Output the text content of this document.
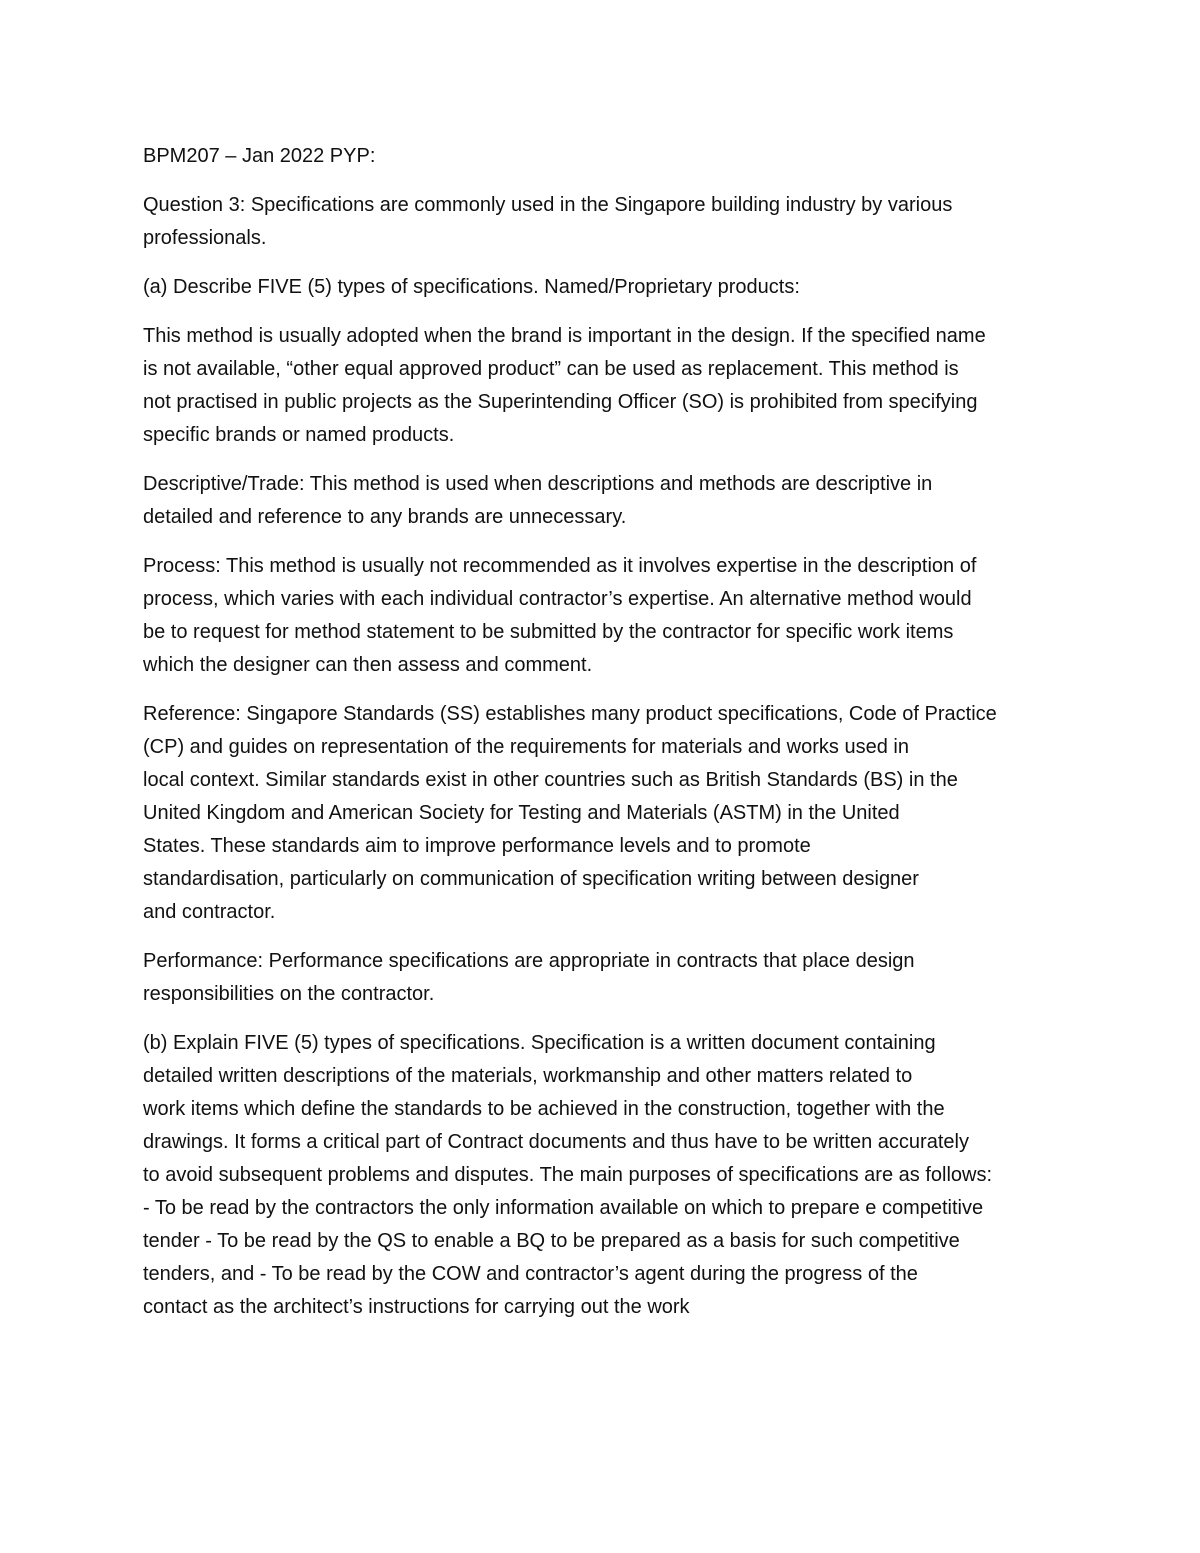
BPM207 – Jan 2022 PYP:

Question 3: Specifications are commonly used in the Singapore building industry by various
professionals.

(a) Describe FIVE (5) types of specifications. Named/Proprietary products:

This method is usually adopted when the brand is important in the design. If the specified name
is not available, “other equal approved product” can be used as replacement. This method is
not practised in public projects as the Superintending Officer (SO) is prohibited from specifying
specific brands or named products.

Descriptive/Trade: This method is used when descriptions and methods are descriptive in
detailed and reference to any brands are unnecessary.

Process: This method is usually not recommended as it involves expertise in the description of
process, which varies with each individual contractor’s expertise. An alternative method would
be to request for method statement to be submitted by the contractor for specific work items
which the designer can then assess and comment.

Reference: Singapore Standards (SS) establishes many product specifications, Code of Practice
(CP) and guides on representation of the requirements for materials and works used in
local context. Similar standards exist in other countries such as British Standards (BS) in the
United Kingdom and American Society for Testing and Materials (ASTM) in the United
States. These standards aim to improve performance levels and to promote
standardisation, particularly on communication of specification writing between designer
and contractor.

Performance: Performance specifications are appropriate in contracts that place design
responsibilities on the contractor.

(b) Explain FIVE (5) types of specifications. Specification is a written document containing
detailed written descriptions of the materials, workmanship and other matters related to
work items which define the standards to be achieved in the construction, together with the
drawings. It forms a critical part of Contract documents and thus have to be written accurately
to avoid subsequent problems and disputes. The main purposes of specifications are as follows:
- To be read by the contractors the only information available on which to prepare e competitive
tender - To be read by the QS to enable a BQ to be prepared as a basis for such competitive
tenders, and - To be read by the COW and contractor’s agent during the progress of the
contact as the architect’s instructions for carrying out the work
